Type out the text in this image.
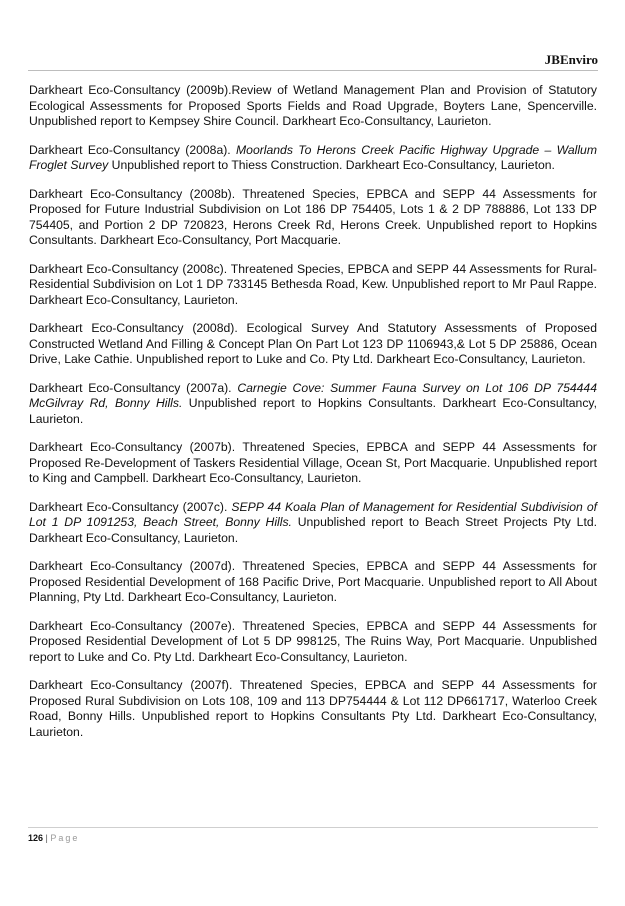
JBEnviro

Darkheart Eco-Consultancy (2009b).Review of Wetland Management Plan and Provision of Statutory Ecological Assessments for Proposed Sports Fields and Road Upgrade, Boyters Lane, Spencerville. Unpublished report to Kempsey Shire Council. Darkheart Eco-Consultancy, Laurieton.

Darkheart Eco-Consultancy (2008a). Moorlands To Herons Creek Pacific Highway Upgrade – Wallum Froglet Survey Unpublished report to Thiess Construction. Darkheart Eco-Consultancy, Laurieton.

Darkheart Eco-Consultancy (2008b). Threatened Species, EPBCA and SEPP 44 Assessments for Proposed for Future Industrial Subdivision on Lot 186 DP 754405, Lots 1 & 2 DP 788886, Lot 133 DP 754405, and Portion 2 DP 720823, Herons Creek Rd, Herons Creek. Unpublished report to Hopkins Consultants. Darkheart Eco-Consultancy, Port Macquarie.

Darkheart Eco-Consultancy (2008c). Threatened Species, EPBCA and SEPP 44 Assessments for Rural-Residential Subdivision on Lot 1 DP 733145 Bethesda Road, Kew. Unpublished report to Mr Paul Rappe. Darkheart Eco-Consultancy, Laurieton.

Darkheart Eco-Consultancy (2008d). Ecological Survey And Statutory Assessments of Proposed Constructed Wetland And Filling & Concept Plan On Part Lot 123 DP 1106943,& Lot 5 DP 25886, Ocean Drive, Lake Cathie. Unpublished report to Luke and Co. Pty Ltd. Darkheart Eco-Consultancy, Laurieton.

Darkheart Eco-Consultancy (2007a). Carnegie Cove: Summer Fauna Survey on Lot 106 DP 754444 McGilvray Rd, Bonny Hills. Unpublished report to Hopkins Consultants. Darkheart Eco-Consultancy, Laurieton.

Darkheart Eco-Consultancy (2007b). Threatened Species, EPBCA and SEPP 44 Assessments for Proposed Re-Development of Taskers Residential Village, Ocean St, Port Macquarie. Unpublished report to King and Campbell. Darkheart Eco-Consultancy, Laurieton.

Darkheart Eco-Consultancy (2007c). SEPP 44 Koala Plan of Management for Residential Subdivision of Lot 1 DP 1091253, Beach Street, Bonny Hills. Unpublished report to Beach Street Projects Pty Ltd. Darkheart Eco-Consultancy, Laurieton.

Darkheart Eco-Consultancy (2007d). Threatened Species, EPBCA and SEPP 44 Assessments for Proposed Residential Development of 168 Pacific Drive, Port Macquarie. Unpublished report to All About Planning, Pty Ltd. Darkheart Eco-Consultancy, Laurieton.

Darkheart Eco-Consultancy (2007e). Threatened Species, EPBCA and SEPP 44 Assessments for Proposed Residential Development of Lot 5 DP 998125, The Ruins Way, Port Macquarie. Unpublished report to Luke and Co. Pty Ltd. Darkheart Eco-Consultancy, Laurieton.

Darkheart Eco-Consultancy (2007f). Threatened Species, EPBCA and SEPP 44 Assessments for Proposed Rural Subdivision on Lots 108, 109 and 113 DP754444 & Lot 112 DP661717, Waterloo Creek Road, Bonny Hills. Unpublished report to Hopkins Consultants Pty Ltd. Darkheart Eco-Consultancy, Laurieton.

126 | Page
